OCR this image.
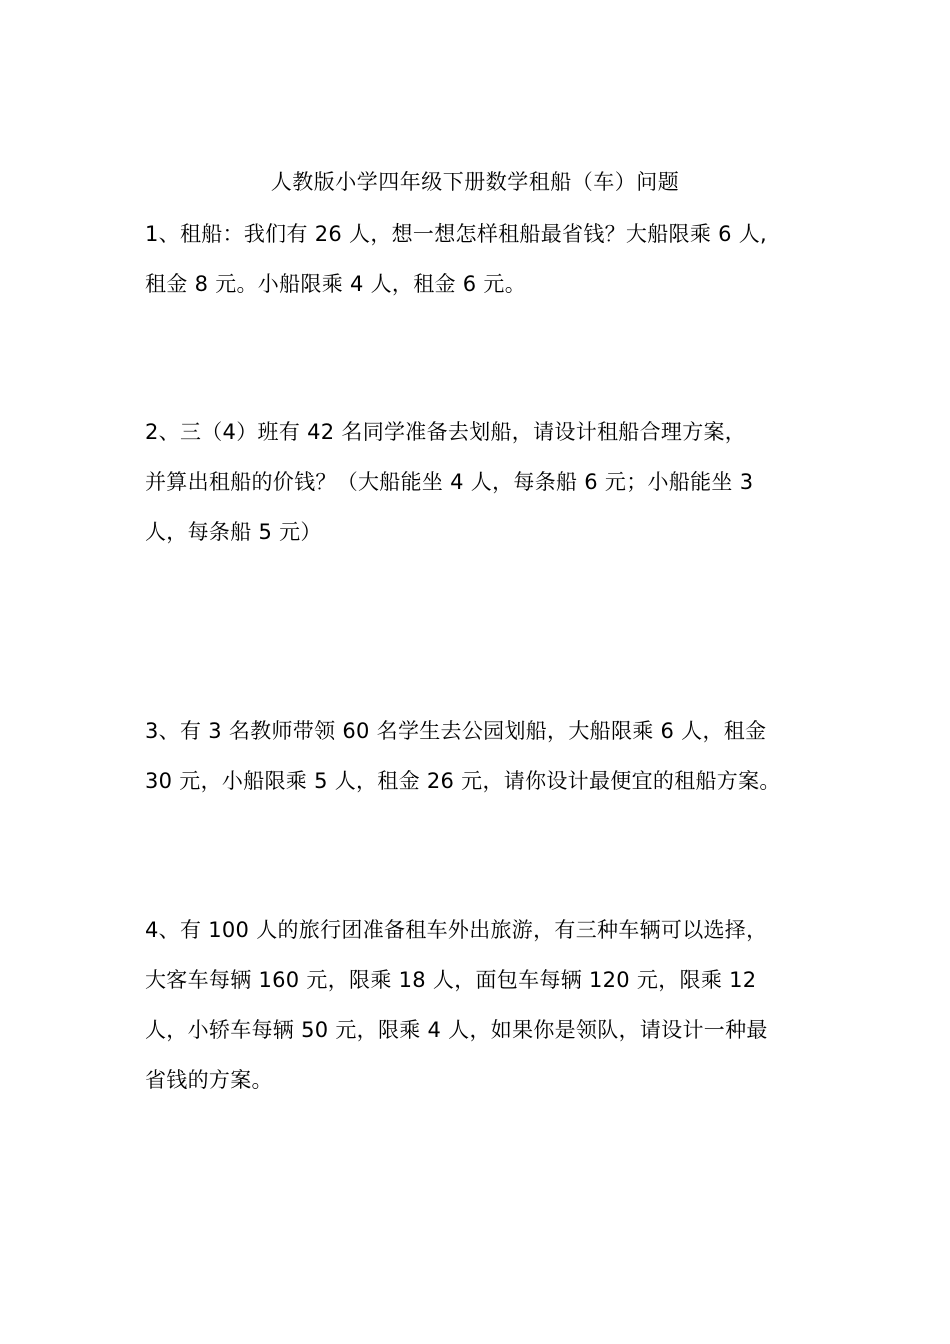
人教版小学四年级下册数学租船（车）问题
1、租船：我们有 26 人，想一想怎样租船最省钱？大船限乘 6 人,
租金 8 元。小船限乘 4 人，租金 6 元。
2、三（4）班有 42 名同学准备去划船，请设计租船合理方案，
并算出租船的价钱？（大船能坐 4 人，每条船 6 元；小船能坐 3
人，每条船 5 元）
3、有 3 名教师带领 60 名学生去公园划船，大船限乘 6 人，租金
30 元，小船限乘 5 人，租金 26 元，请你设计最便宜的租船方案。
4、有 100 人的旅行团准备租车外出旅游，有三种车辆可以选择，
大客车每辆 160 元，限乘 18 人，面包车每辆 120 元，限乘 12
人，小轿车每辆 50 元，限乘 4 人，如果你是领队，请设计一种最
省钱的方案。
